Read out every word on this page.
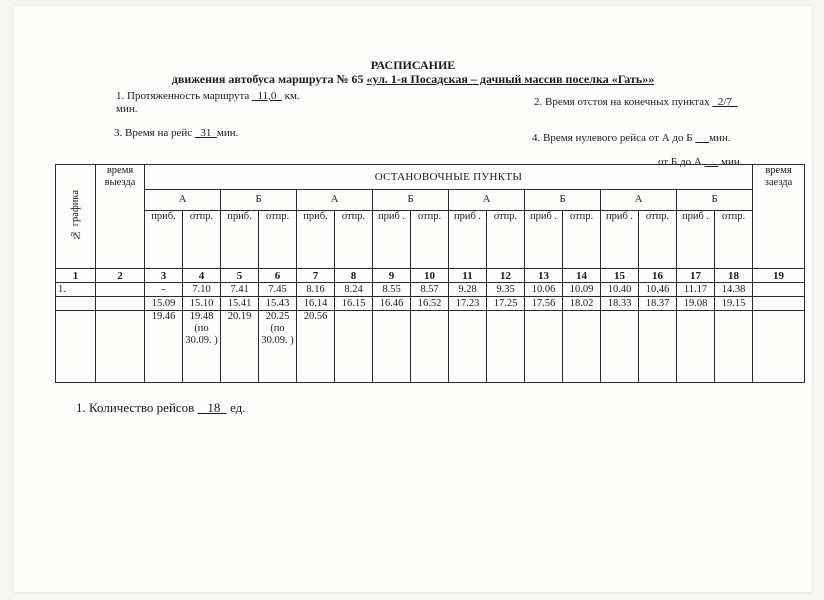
РАСПИСАНИЕ
движения автобуса маршрута № 65 «ул. 1-я Посадская – дачный массив поселка «Гать»»
1. Протяженность маршрута 11,0 км.
мин.
2. Время отстоя на конечных пунктах 2/7
3. Время на рейс 31 мин.	4. Время нулевого рейса от А до Б мин.
от Б до А мин.
№ графика	время выезда	ОСТАНОВОЧНЫЕ ПУНКТЫ																время заезда
		А		Б		А		Б		А		Б		А		Б		
		приб.	отпр.	приб.	отпр.	приб.	отпр.	приб .	отпр.	приб .	отпр.	приб .	отпр.	приб .	отпр.	приб .	отпр.	
1	2	3	4	5	6	7	8	9	10	11	12	13	14	15	16	17	18	19
1.		-	7.10	7.41	7.45	8.16	8.24	8.55	8.57	9.28	9.35	10.06	10.09	10.40	10.46	11.17	14.38	
		15.09	15.10	15.41	15.43	16.14	16.15	16.46	16.52	17.23	17.25	17.56	18.02	18.33	18.37	19.08	19.15	
		19.46	19.48 (по 30.09. )	20.19	20.25 (по 30.09. )	20.56												
1. Количество рейсов 18 ед.
